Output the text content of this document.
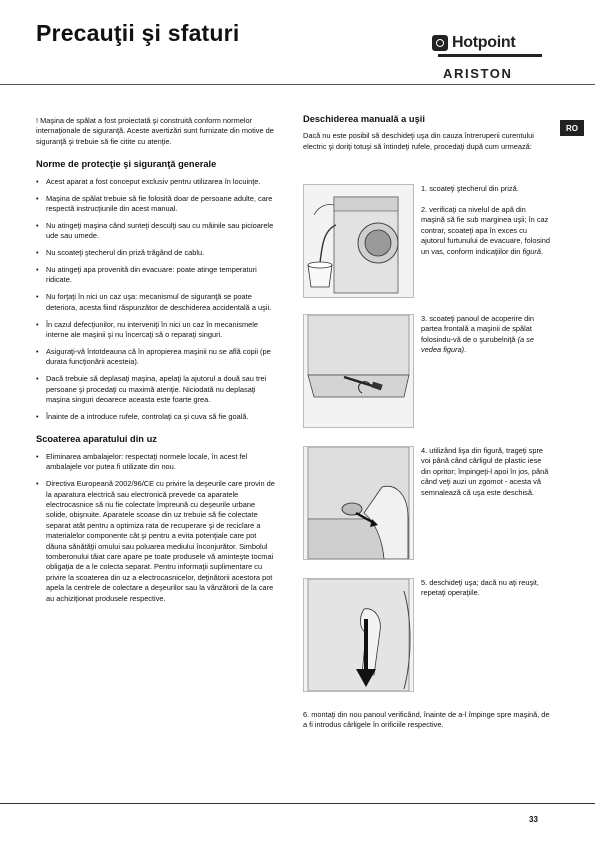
Precauţii şi sfaturi	Hotpoint
ARISTON
RO

! Maşina de spălat a fost proiectată şi construită conform normelor internaţionale de siguranţă. Aceste avertizări sunt furnizate din motive de siguranţă şi trebuie să fie citite cu atenţie.

Norme de protecţie şi siguranţă generale
• Acest aparat a fost conceput exclusiv pentru utilizarea în locuinţe.
• Maşina de spălat trebuie să fie folosită doar de persoane adulte, care respectă instrucţiunile din acest manual.
• Nu atingeţi maşina când sunteţi desculţi sau cu mâinile sau picioarele ude sau umede.
• Nu scoateţi ştecherul din priză trăgând de cablu.
• Nu atingeţi apa provenită din evacuare: poate atinge temperaturi ridicate.
• Nu forţaţi în nici un caz uşa: mecanismul de siguranţă se poate deteriora, acesta fiind răspunzător de deschiderea accidentală a uşii.
• În cazul defecţiunilor, nu interveniţi în nici un caz în mecanismele interne ale maşinii şi nu încercaţi să o reparaţi singuri.
• Asiguraţi-vă întotdeauna că în apropierea maşinii nu se află copii (pe durata funcţionării acesteia).
• Dacă trebuie să deplasaţi maşina, apelaţi la ajutorul a două sau trei persoane şi procedaţi cu maximă atenţie. Niciodată nu deplasaţi maşina singuri deoarece aceasta este foarte grea.
• Înainte de a introduce rufele, controlaţi ca şi cuva să fie goală.
Scoaterea aparatului din uz
• Eliminarea ambalajelor: respectaţi normele locale, în acest fel ambalajele vor putea fi utilizate din nou.
• Directiva Europeană 2002/96/CE cu privire la deşeurile care provin de la aparatura electrică sau electronică prevede ca aparatele electrocasnice să nu fie colectate împreună cu deşeurile urbane solide, obişnuite. Aparatele scoase din uz trebuie să fie colectate separat atât pentru a optimiza rata de recuperare şi de reciclare a materialelor componente cât şi pentru a evita potenţiale care pot dăuna sănătăţii omului sau poluarea mediului înconjurător. Simbolul tomberonului tăiat care apare pe toate produsele vă aminteşte tocmai obligaţia de a le colecta separat. Pentru informaţii suplimentare cu privire la scoaterea din uz a electrocasnicelor, deţinătorii acestora pot apela la centrele de colectare a deşeurilor sau la vânzătorii de la care au achiziţionat produsele respective.
Deschiderea manuală a uşii

Dacă nu este posibil să deschideţi uşa din cauza întreruperii curentului electric şi doriţi totuşi să întindeţi rufele, procedaţi după cum urmează:

1. scoateţi ştecherul din priză.
2. verificaţi ca nivelul de apă din maşină să fie sub marginea uşii; în caz contrar, scoateţi apa în exces cu ajutorul furtunului de evacuare, folosind un vas, conform indicaţiilor din figură.
3. scoateţi panoul de acoperire din partea frontală a maşinii de spălat folosindu-vă de o şurubelniţă (a se vedea figura).
4. utilizând lişa din figură, trageţi spre voi până când cârligul de plastic iese din opritor; împingeţi-l apoi în jos, până când veţi auzi un zgomot - acesta vă semnalează că uşa este deschisă.
5. deschideţi uşa; dacă nu aţi reuşit, repetaţi operaţiile.
6. montaţi din nou panoul verificând, înainte de a-l împinge spre maşină, de a fi introdus cârligele în orificiile respective.
33
